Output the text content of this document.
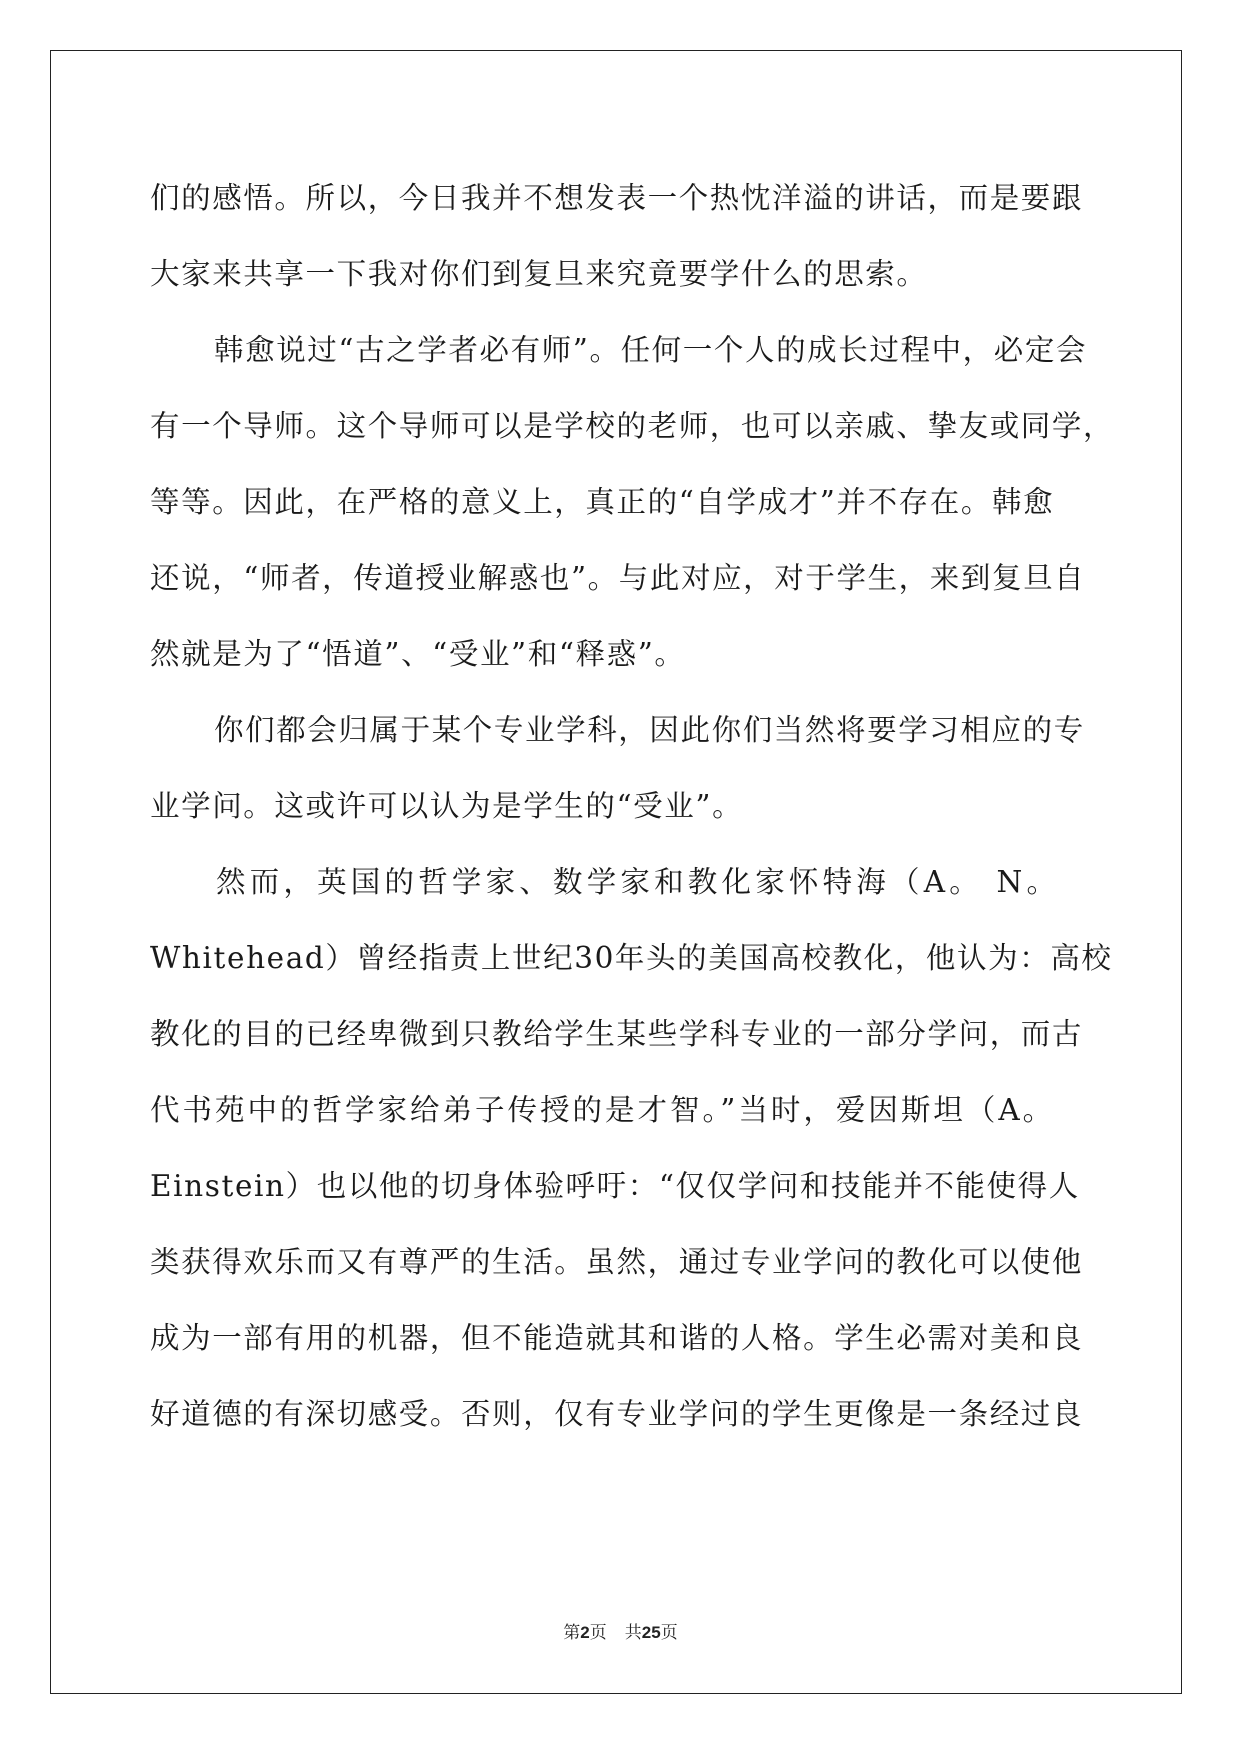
们的感悟。所以，今日我并不想发表一个热忱洋溢的讲话，而是要跟
大家来共享一下我对你们到复旦来究竟要学什么的思索。
韩愈说过“古之学者必有师”。任何一个人的成长过程中，必定会
有一个导师。这个导师可以是学校的老师，也可以亲戚、挚友或同学，
等等。因此，在严格的意义上，真正的“自学成才”并不存在。韩愈
还说，“师者，传道授业解惑也”。与此对应，对于学生，来到复旦自
然就是为了“悟道”、“受业”和“释惑”。
你们都会归属于某个专业学科，因此你们当然将要学习相应的专
业学问。这或许可以认为是学生的“受业”。
然而，英国的哲学家、数学家和教化家怀特海（A。 N。
Whitehead）曾经指责上世纪30年头的美国高校教化，他认为：高校
教化的目的已经卑微到只教给学生某些学科专业的一部分学问，而古
代书苑中的哲学家给弟子传授的是才智。”当时，爱因斯坦（A。
Einstein）也以他的切身体验呼吁：“仅仅学问和技能并不能使得人
类获得欢乐而又有尊严的生活。虽然，通过专业学问的教化可以使他
成为一部有用的机器，但不能造就其和谐的人格。学生必需对美和良
好道德的有深切感受。否则，仅有专业学问的学生更像是一条经过良
第2页 共25页
